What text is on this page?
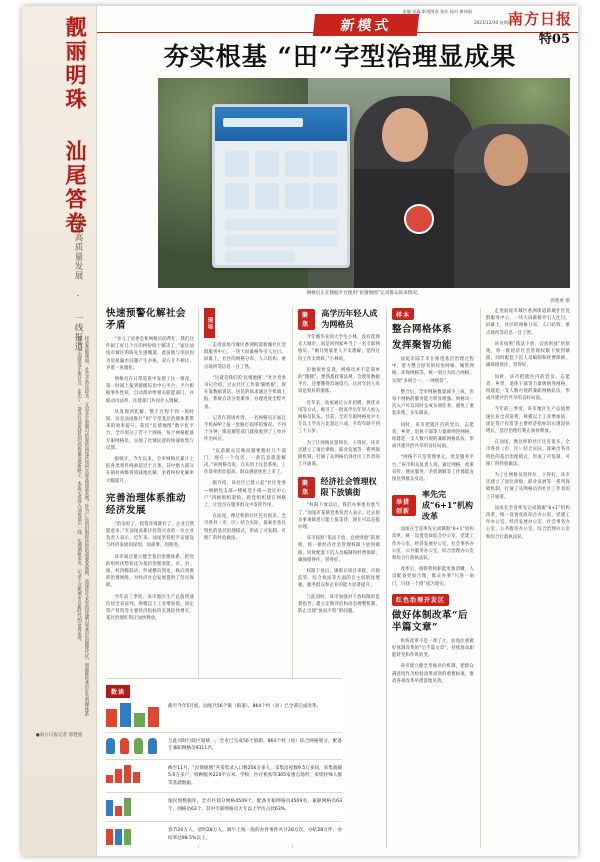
责编 邓鑫 影视图表 张亦 校对 黄伟强
2021/12/30 星期四
南方日报
特05
靓丽明珠 汕尾答卷
汕尾高质量发展 · 一线报道
经济基础薄弱、社会矛盾比较多，又没多少资源可依靠的汕尾该如何实现高质量发展？作为广东的沿海经济带的重要发展极，汕尾近年来坚持党建引领基层治理现代化，创新推进基层社会治理体系建设，全面建成小康社会，走出了一条具有汕尾特色的高质量发展新路子。本报记者深入汕尾基层一线，实地调研采访，记录下这座城市在新时代的奋进足迹。
●南方日报记者 郭楚惠
新模式
夯实根基 “田”字型治理显成果
网格员正在数据平台使用“民情地图”记录群众诉求情况。
郭楚惠 摄
快速预警化解社会矛盾

“多亏了居委会和网格员的帮忙，我们这件闹了好几个月的纠纷终于解决了。”家住汕尾市城区的陈先生感慨道。此前他与邻居因为房屋漏水问题产生争执，双方互不相让，矛盾一度激化。

网格员在日常巡查中发现了这一情况，第一时间上报到镇级综治中心平台。平台根据事件性质，自动派单给相关职能部门，并联动司法所、住建部门共同介入调解。

从发现到化解，整个过程不到一周时间。这是汕尾推行“田”字型基层治理体系带来的效率提升。依托“民情地图”数字化平台，全市划分了若干个网格，每个网格配备专职网格员，实现了社情民意的快速收集与反馈。

据统计，今年以来，全市网格员累计上报各类事件线索超过十万条，其中绝大部分在镇村两级得到就地化解，矛盾纠纷化解率大幅提升。

完善治理体系推动经济发展

“治安好了，投资环境就好了，企业自然愿意来。”在汕尾高新区投资兴业的一位企业负责人表示。近年来，汕尾坚持把平安建设与经济发展同谋划、同部署、同推进。

该市通过建立健全基层治理体系，把党的组织优势转化为基层治理效能。市、县、镇、村四级联动，形成横向到边、纵向到底的治理网络，为经济社会发展提供了坚实保障。

今年前三季度，该市地区生产总值增速位居全省前列，规模以上工业增加值、固定资产投资等主要经济指标均实现较快增长，基层治理红利正加快释放。

现场

走进汕尾市城区香洲街道新城社区党群服务中心，一块大屏幕格外引人注目。屏幕上，社区的网格分布、人口结构、重点场所等信息一目了然。

“这就是我们的‘民情地图’。”社区党委书记介绍，过去社区工作靠‘脚底板’，现在靠数据说话。居民的诉求通过手机端上报，系统自动分类派单，办理进度全程可查。

记者在现场看到，一名网格员正通过手机APP上报一处路灯损坏的情况。不到十分钟，街道城管部门就接收到了工单并作出回应。

“以前群众反映问题要跑好几个部门，现在一个电话、一条信息就能解决。”该网格员说，自从用上这套系统，工作效率明显提高，群众满意度也上来了。

据介绍，该社区已建立起“社区党委—网格党支部—楼栋党小组—党员中心户”四级组织架构，把党组织建在网格上，让党员在服务群众中发挥作用。

在汕尾，像这样的社区还有很多。全市各县（市、区）结合实际，探索出各具特色的基层治理模式，形成了可复制、可推广的经验做法。

聚焦
高学历年轻人成为网格员

今年刚毕业的大学生小林，没有选择去大城市，而是回到家乡当了一名专职网格员。“刚开始家里人不太理解，觉得这份工作太琐碎。”小林说。

但他很快发现，网格员并不是简单的“跑腿”。要熟悉政策法规，会使用数据平台，还要懂得沟通技巧，这对年轻人来说是很好的锻炼。

近年来，汕尾通过公开招聘、择优录用等方式，吸引了一批高学历年轻人加入网格员队伍。目前，全市专职网格员中大专以上学历占比超过六成，平均年龄不到三十五岁。

为了让网格员留得住、干得好，该市还建立了岗位津贴、职业发展等一系列保障机制，打通了从网格员到社区工作者的上升通道。

聚焦
经济社会管理权限下放镇街

“权限下放以后，我们办事更有底气了。”汕尾市某镇党委负责人表示，过去很多事项镇里只能上报等待，现在可以直接办理。

该市按照“依法下放、宜放则放”的原则，将一批经济社会管理权限下放到镇街，同时配套下沉人员编制和经费保障，确保接得住、管得好。

权限下放后，镇街在项目审批、市场监管、综合执法等方面的自主权明显增强，服务群众和企业的能力显著提升。

与此同时，该市加强对下放权限的监督指导，建立定期评估和动态调整机制，防止出现“放而不管”的问题。

样本
整合网格体系
发挥聚智功能

汕尾市陆丰市在推进基层治理过程中，着力整合原有的综治网格、城管网格、环保网格等，统一划分为综合网格，实现“多网合一、一网统管”。

整合后，全市网格数量减少三成，但每个网格的服务能力明显增强。网格员一次入户可以同时完成多项任务，避免了重复采集、多头填表。

同时，该市把辖区内的党员、志愿者、乡贤、退休干部等力量吸纳进网格，组建起一支人数可观的兼职网格队伍，形成共建共治共享的良好局面。

“网格不只是管理单元，更是服务平台。”该市相关负责人说，通过网格，政策宣传、便民服务、矛盾调解等工作都能直接送到群众身边。

举措创新
率先完成“6+1”机构改革

汕尾在全省率先完成镇街“6+1”机构改革，统一设置党政综合办公室、党建工作办公室、经济发展办公室、社会事务办公室、公共服务办公室、综合治理办公室和综合行政执法队。

改革后，镇街机构职能更加清晰，人员配备更加合理，群众办事“只进一扇门、只找一个窗”成为现实。

红色治理开发区
做好体制改革“后半篇文章”

机构改革不是一改了之。汕尾注重做好体制改革的“后半篇文章”，持续推动职能转变和作风转变。

该市建立健全考核评价机制，把群众满意度作为检验改革成效的重要标准，推动各项改革举措落地见效。

走进汕尾市城区香洲街道新城社区党群服务中心，一块大屏幕格外引人注目。屏幕上，社区的网格分布、人口结构、重点场所等信息一目了然。

该市按照“依法下放、宜放则放”的原则，将一批经济社会管理权限下放到镇街，同时配套下沉人员编制和经费保障，确保接得住、管得好。

同时，该市把辖区内的党员、志愿者、乡贤、退休干部等力量吸纳进网格，组建起一支人数可观的兼职网格队伍，形成共建共治共享的良好局面。

今年前三季度，该市地区生产总值增速位居全省前列，规模以上工业增加值、固定资产投资等主要经济指标均实现较快增长，基层治理红利正加快释放。

在汕尾，像这样的社区还有很多。全市各县（市、区）结合实际，探索出各具特色的基层治理模式，形成了可复制、可推广的经验做法。

为了让网格员留得住、干得好，该市还建立了岗位津贴、职业发展等一系列保障机制，打通了从网格员到社区工作者的上升通道。

汕尾在全省率先完成镇街“6+1”机构改革，统一设置党政综合办公室、党建工作办公室、经济发展办公室、社会事务办公室、公共服务办公室、综合治理办公室和综合行政执法队。

数读
截至今年5月底，汕尾共56个镇（街道），864个村（居）已全部完成改革。
与此同时行政区划统一，全市已完成56个镇街、864个村（居）综合网格划分，配备专兼职网格员9311名。
截至11月，“民情地图”共采集录入口数256万多人，采集房屋数9.5万多间，采集商铺5.6万多户、特种服务220平方米、学校、医疗机构等305家重点场所，采集特殊人群等基础数据。
尾民情数据库，全市共划分网格4509个，配备专职网格员4509名、兼职网格员63个、网格员63个，其中专职网格员大专以上学历占比63%。
春节26万人、清明28万人、端午上报一般的办件事件共计28万次，办结28万件，办结率达98.5%以上。
